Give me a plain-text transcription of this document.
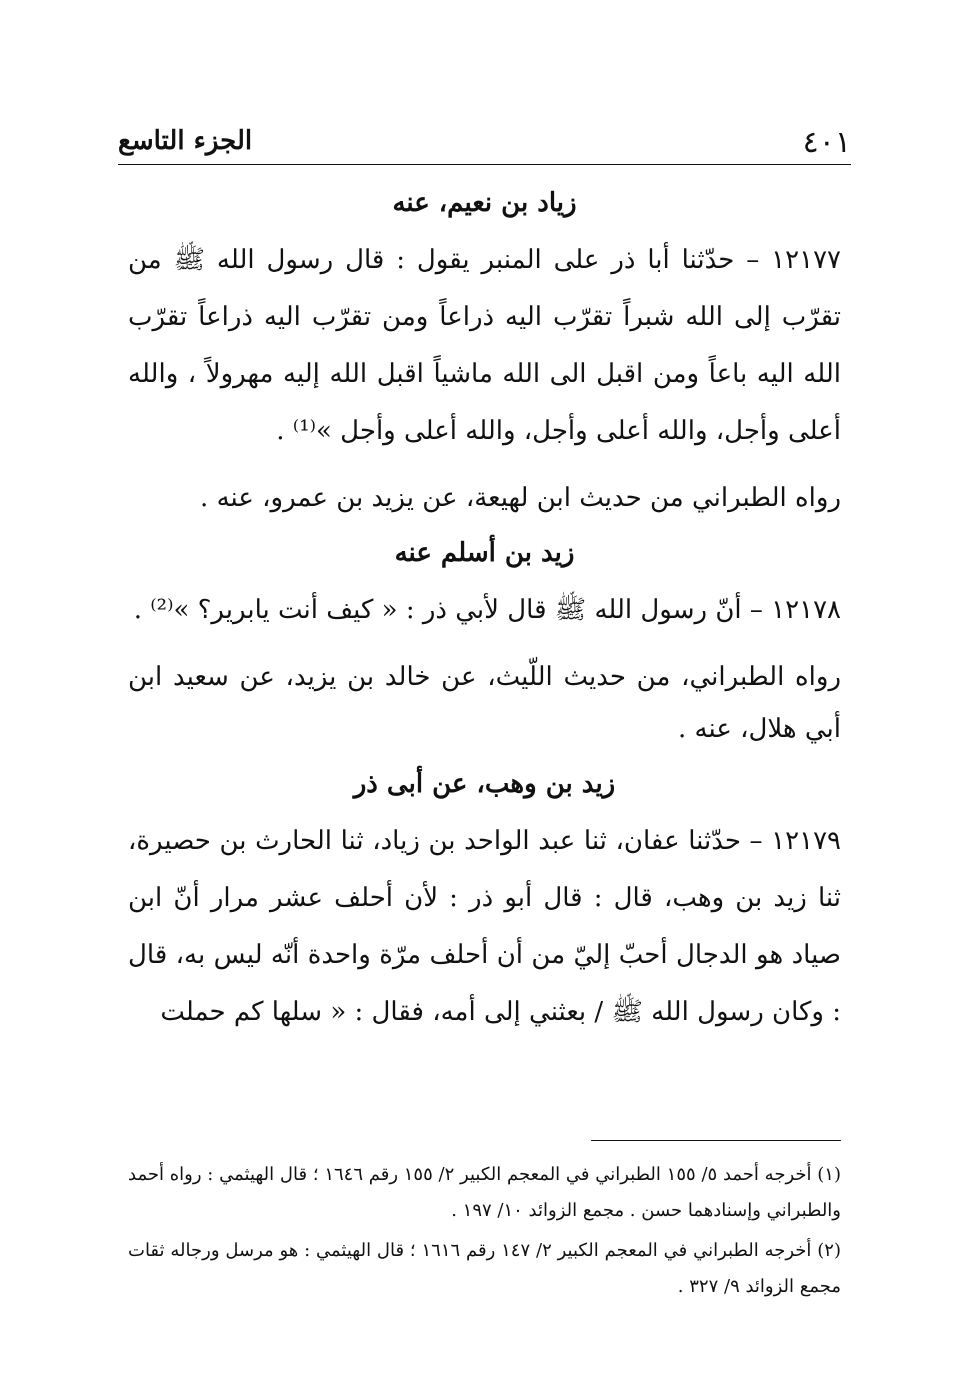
الجزء التاسع	٤٠١
زياد بن نعيم، عنه

١٢١٧٧ – حدّثنا أبا ذر على المنبر يقول : قال رسول الله ﷺ من تقرّب إلى الله شبراً تقرّب اليه ذراعاً ومن تقرّب اليه ذراعاً تقرّب الله اليه باعاً ومن اقبل الى الله ماشياً اقبل الله إليه مهرولاً ، والله أعلى وأجل، والله أعلى وأجل، والله أعلى وأجل »⁽¹⁾ .

رواه الطبراني من حديث ابن لهيعة، عن يزيد بن عمرو، عنه .

زيد بن أسلم عنه

١٢١٧٨ – أنّ رسول الله ﷺ قال لأبي ذر : « كيف أنت يابرير؟ »⁽²⁾ .

رواه الطبراني، من حديث اللّيث، عن خالد بن يزيد، عن سعيد ابن أبي هلال، عنه .

زيد بن وهب، عن أبى ذر

١٢١٧٩ – حدّثنا عفان، ثنا عبد الواحد بن زياد، ثنا الحارث بن حصيرة، ثنا زيد بن وهب، قال : قال أبو ذر : لأن أحلف عشر مرار أنّ ابن صياد هو الدجال أحبّ إليّ من أن أحلف مرّة واحدة أنّه ليس به، قال : وكان رسول الله ﷺ / بعثني إلى أمه، فقال : « سلها كم حملت

(١) أخرجه أحمد ٥/ ١٥٥ الطبراني في المعجم الكبير ٢/ ١٥٥ رقم ١٦٤٦ ؛ قال الهيثمي : رواه أحمد والطبراني وإسنادهما حسن . مجمع الزوائد ١٠/ ١٩٧ .

(٢) أخرجه الطبراني في المعجم الكبير ٢/ ١٤٧ رقم ١٦١٦ ؛ قال الهيثمي : هو مرسل ورجاله ثقات مجمع الزوائد ٩/ ٣٢٧ .
